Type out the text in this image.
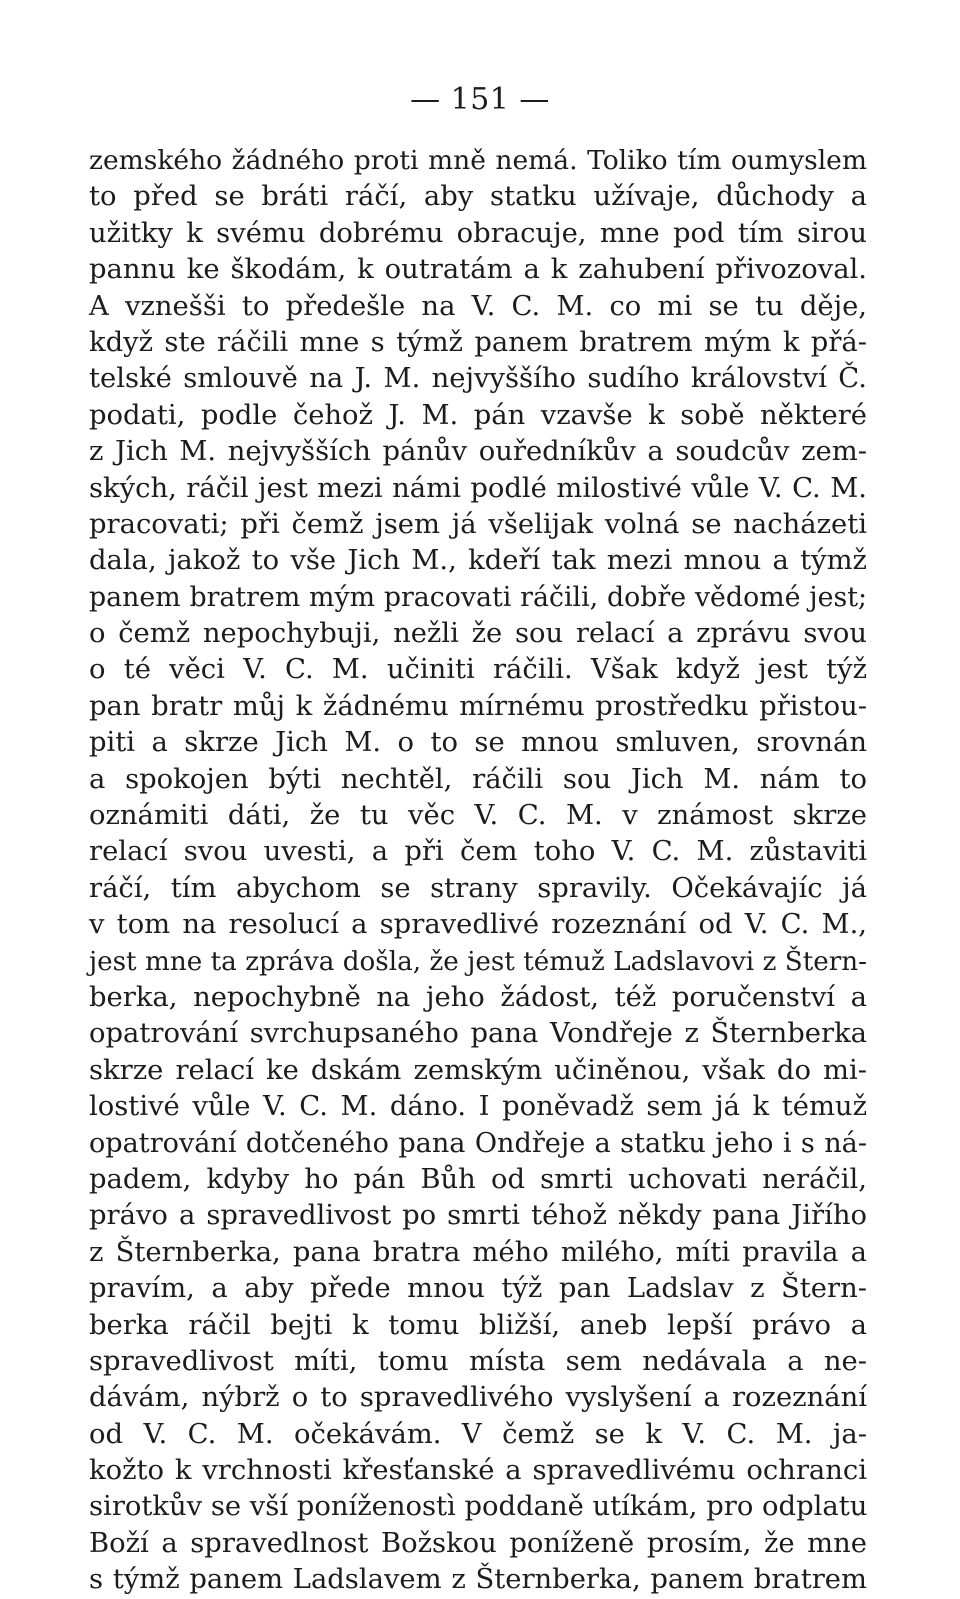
— 151 —
zemského žádného proti mně nemá. Toliko tím oumyslem
to před se bráti ráčí, aby statku užívaje, důchody a
užitky k svému dobrému obracuje, mne pod tím sirou
pannu ke škodám, k outratám a k zahubení přivozoval.
A vznešši to předešle na V. C. M. co mi se tu děje,
když ste ráčili mne s týmž panem bratrem mým k přá-
telské smlouvě na J. M. nejvyššího sudího království Č.
podati, podle čehož J. M. pán vzavše k sobě některé
z Jich M. nejvyšších pánův ouředníkův a soudcův zem-
ských, ráčil jest mezi námi podlé milostivé vůle V. C. M.
pracovati; při čemž jsem já všelijak volná se nacházeti
dala, jakož to vše Jich M., kdeří tak mezi mnou a týmž
panem bratrem mým pracovati ráčili, dobře vědomé jest;
o čemž nepochybuji, nežli že sou relací a zprávu svou
o té věci V. C. M. učiniti ráčili. Však když jest týž
pan bratr můj k žádnému mírnému prostředku přistou-
piti a skrze Jich M. o to se mnou smluven, srovnán
a spokojen býti nechtěl, ráčili sou Jich M. nám to
oznámiti dáti, že tu věc V. C. M. v známost skrze
relací svou uvesti, a při čem toho V. C. M. zůstaviti
ráčí, tím abychom se strany spravily. Očekávajíc já
v tom na resolucí a spravedlivé rozeznání od V. C. M.,
jest mne ta zpráva došla, že jest témuž Ladslavovi z Štern-
berka, nepochybně na jeho žádost, též poručenství a
opatrování svrchupsaného pana Vondřeje z Šternberka
skrze relací ke dskám zemským učiněnou, však do mi-
lostivé vůle V. C. M. dáno. I poněvadž sem já k témuž
opatrování dotčeného pana Ondřeje a statku jeho i s ná-
padem, kdyby ho pán Bůh od smrti uchovati neráčil,
právo a spravedlivost po smrti téhož někdy pana Jiřího
z Šternberka, pana bratra mého milého, míti pravila a
pravím, a aby přede mnou týž pan Ladslav z Štern-
berka ráčil bejti k tomu bližší, aneb lepší právo a
spravedlivost míti, tomu místa sem nedávala a ne-
dávám, nýbrž o to spravedlivého vyslyšení a rozeznání
od V. C. M. očekávám. V čemž se k V. C. M. ja-
kožto k vrchnosti křesťanské a spravedlivému ochranci
sirotkův se vší poníženostì poddaně utíkám, pro odplatu
Boží a spravedlnost Božskou poníženě prosím, že mne
s týmž panem Ladslavem z Šternberka, panem bratrem
